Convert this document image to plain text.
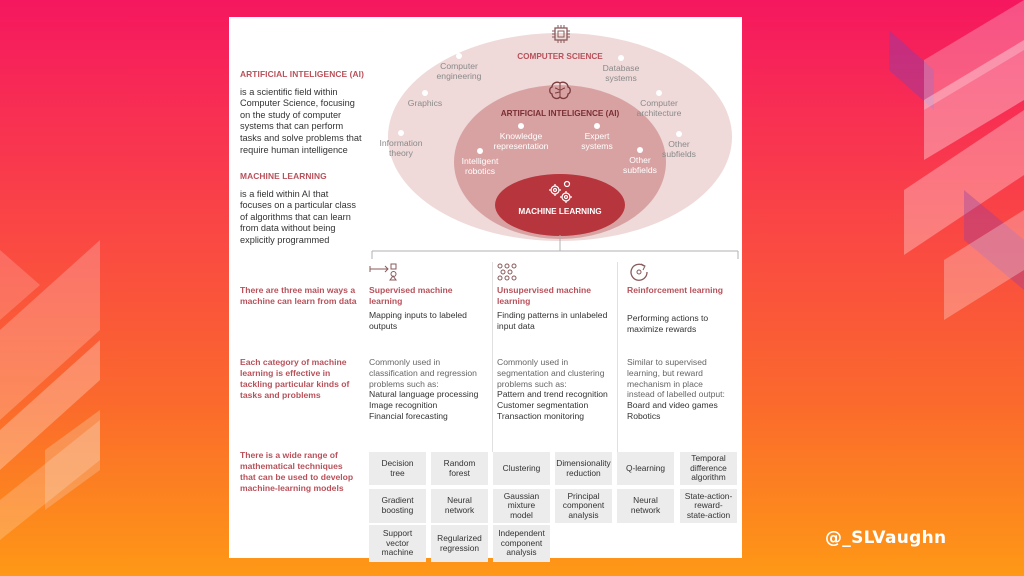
ARTIFICIAL INTELIGENCE (AI)
is a scientific field within
Computer Science, focusing
on the study of computer
systems that can perform
tasks and solve problems that
require human intelligence
MACHINE LEARNING
is a field within AI that
focuses on a particular class
of algorithms that can learn
from data without being
explicitly programmed
COMPUTER SCIENCE
ARTIFICIAL INTELIGENCE (AI)
MACHINE LEARNING
Computer
engineering
Database
systems
Graphics	Computer
architecture
Information
theory
Other
subfields
Knowledge
representation
Expert
systems
Intelligent
robotics
Other
subfields
There are three main ways a
machine can learn from data
Each category of machine
learning is effective in
tackling particular kinds of
tasks and problems
There is a wide range of
mathematical techniques
that can be used to develop
machine-learning models
Supervised machine
learning
Mapping inputs to labeled
outputs
Commonly used in
classification and regression
problems such as:
Natural language processing
Image recognition
Financial forecasting
Unsupervised machine
learning
Finding patterns in unlabeled
input data
Commonly used in
segmentation and clustering
problems such as:
Pattern and trend recognition
Customer segmentation
Transaction monitoring
Reinforcement learning
Performing actions to
maximize rewards
Similar to supervised
learning, but reward
mechanism in place
instead of labelled output:
Board and video games
Robotics
Decision
tree
Random
forest
Gradient
boosting
Neural
network
Support
vector
machine
Regularized
regression
Clustering Dimensionality
reduction
Gaussian
mixture
model
Principal
component
analysis
Independent
component
analysis
Q-learning
Temporal
difference
algorithm
Neural
network
State-action-
reward-
state-action
@_SLVaughn
